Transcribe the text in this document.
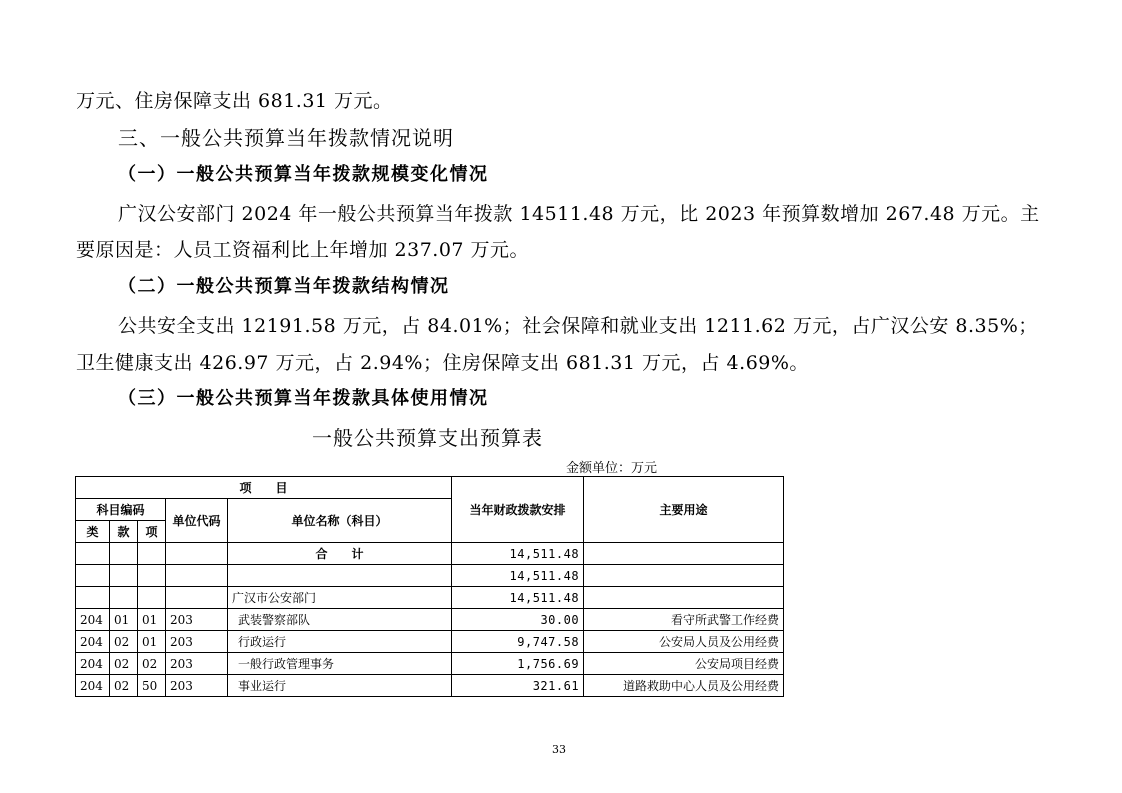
万元、住房保障支出 681.31 万元。
三、一般公共预算当年拨款情况说明
（一）一般公共预算当年拨款规模变化情况
广汉公安部门 2024 年一般公共预算当年拨款 14511.48 万元，比 2023 年预算数增加 267.48 万元。主
要原因是：人员工资福利比上年增加 237.07 万元。
（二）一般公共预算当年拨款结构情况
公共安全支出 12191.58 万元，占 84.01%；社会保障和就业支出 1211.62 万元，占广汉公安 8.35%；
卫生健康支出 426.97 万元，占 2.94%；住房保障支出 681.31 万元，占 4.69%。
（三）一般公共预算当年拨款具体使用情况
一般公共预算支出预算表
金额单位：万元
项　　目					当年财政拨款安排	主要用途
科目编码			单位代码	单位名称（科目）		
类	款	项				
				合　　计	14,511.48	
					14,511.48	
				广汉市公安部门	14,511.48	
204	01	01	203	武装警察部队	30.00	看守所武警工作经费
204	02	01	203	行政运行	9,747.58	公安局人员及公用经费
204	02	02	203	一般行政管理事务	1,756.69	公安局项目经费
204	02	50	203	事业运行	321.61	道路救助中心人员及公用经费
33
